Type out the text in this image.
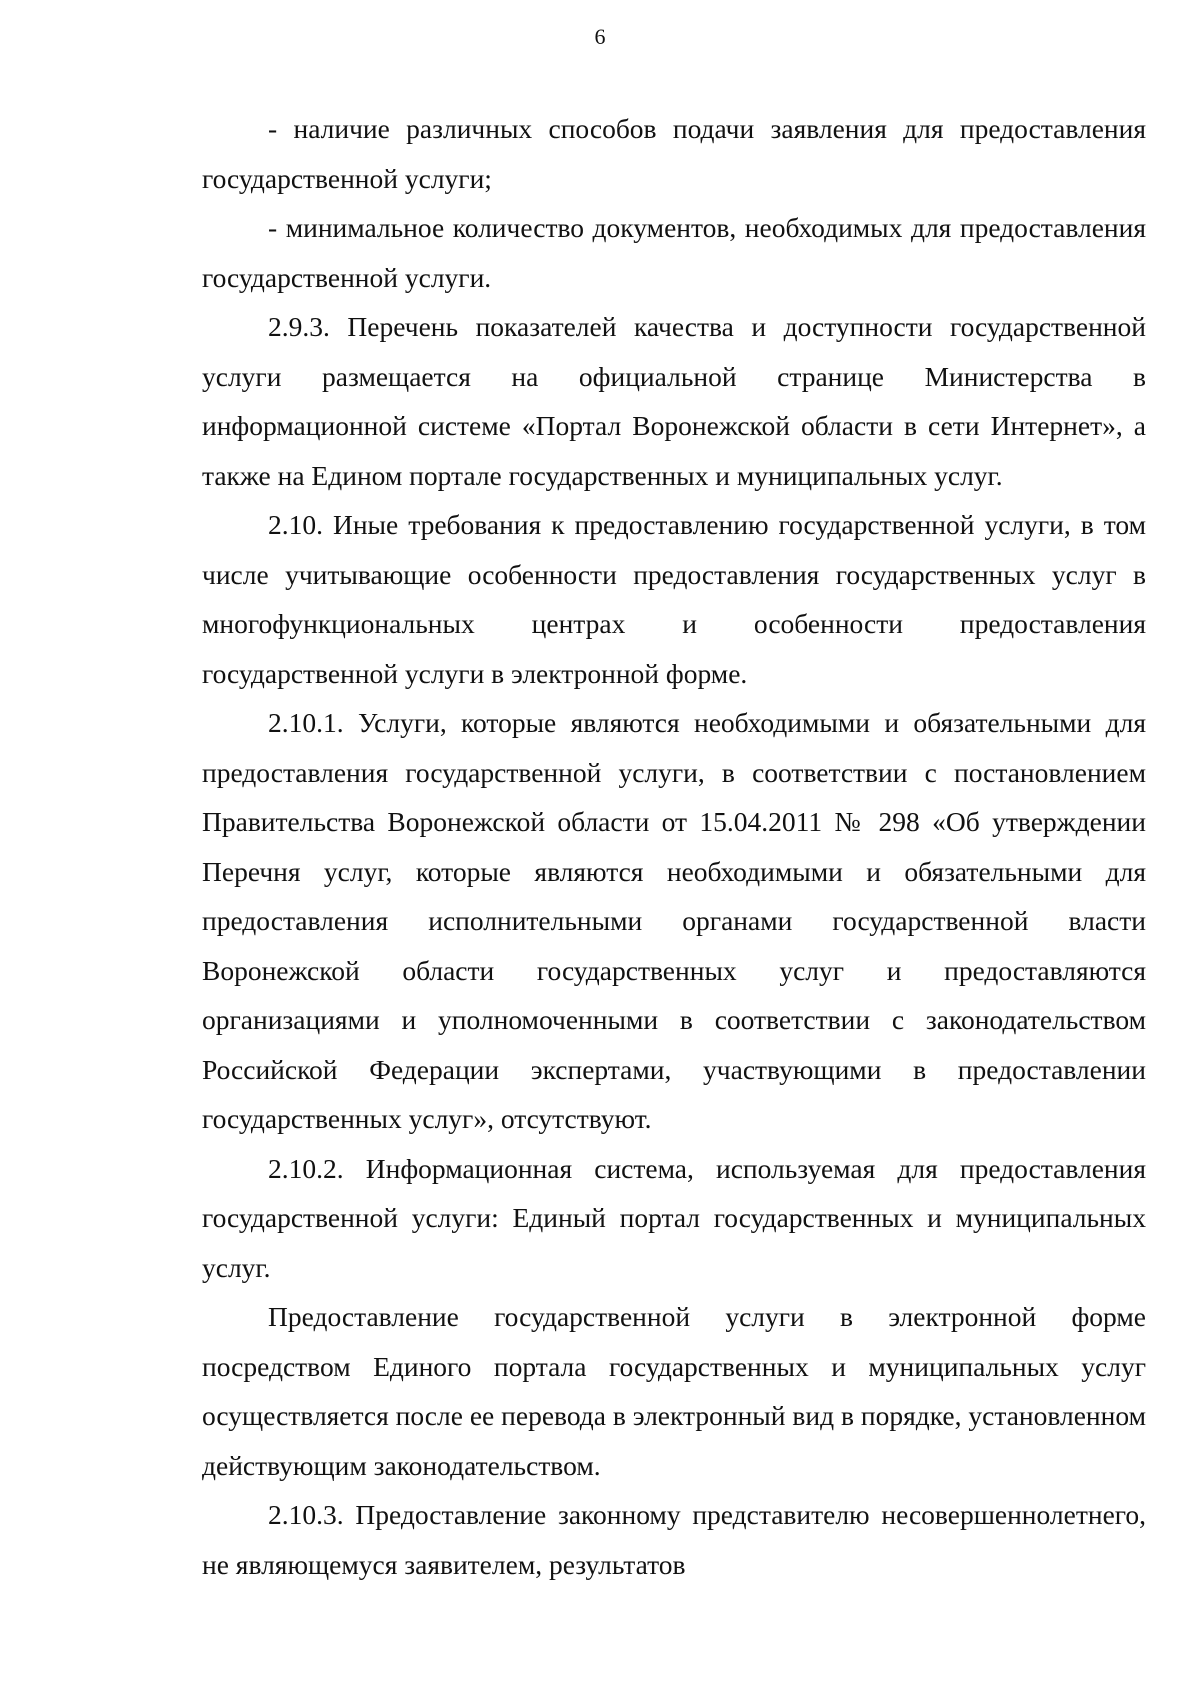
6

- наличие различных способов подачи заявления для предоставления государственной услуги;

- минимальное количество документов, необходимых для предоставления государственной услуги.

2.9.3. Перечень показателей качества и доступности государственной услуги размещается на официальной странице Министерства в информационной системе «Портал Воронежской области в сети Интернет», а также на Едином портале государственных и муниципальных услуг.

2.10. Иные требования к предоставлению государственной услуги, в том числе учитывающие особенности предоставления государственных услуг в многофункциональных центрах и особенности предоставления государственной услуги в электронной форме.

2.10.1. Услуги, которые являются необходимыми и обязательными для предоставления государственной услуги, в соответствии с постановлением Правительства Воронежской области от 15.04.2011 № 298 «Об утверждении Перечня услуг, которые являются необходимыми и обязательными для предоставления исполнительными органами государственной власти Воронежской области государственных услуг и предоставляются организациями и уполномоченными в соответствии с законодательством Российской Федерации экспертами, участвующими в предоставлении государственных услуг», отсутствуют.

2.10.2. Информационная система, используемая для предоставления государственной услуги: Единый портал государственных и муниципальных услуг.

Предоставление государственной услуги в электронной форме посредством Единого портала государственных и муниципальных услуг осуществляется после ее перевода в электронный вид в порядке, установленном действующим законодательством.

2.10.3. Предоставление законному представителю несовершеннолетнего, не являющемуся заявителем, результатов
